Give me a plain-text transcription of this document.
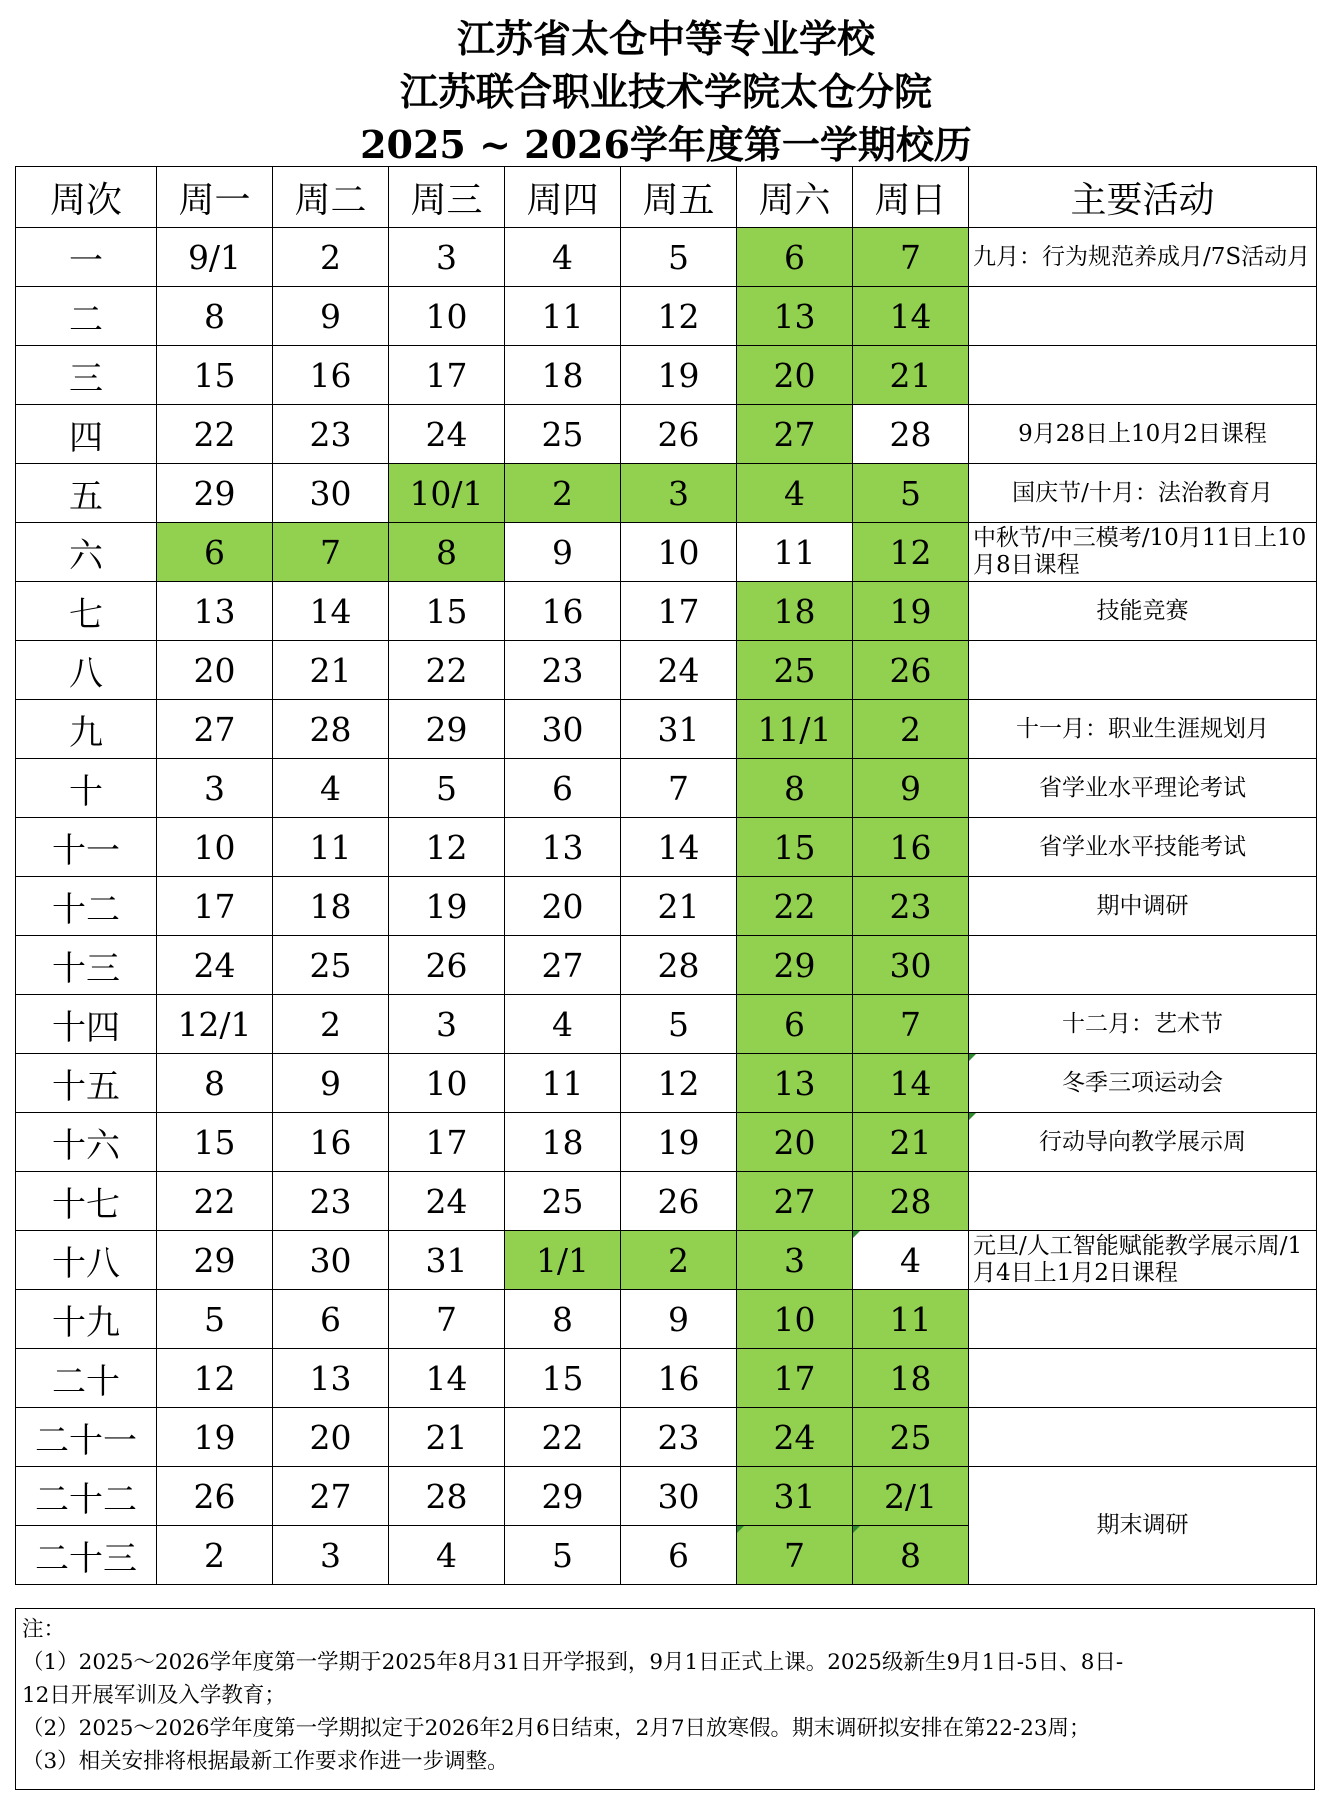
江苏省太仓中等专业学校
江苏联合职业技术学院太仓分院
2025 ~ 2026学年度第一学期校历
周次	周一	周二	周三	周四	周五	周六	周日	主要活动
一	9/1	2	3	4	5	6	7	九月：行为规范养成月/7S活动月
二	8	9	10	11	12	13	14	
三	15	16	17	18	19	20	21	
四	22	23	24	25	26	27	28	9月28日上10月2日课程
五	29	30	10/1	2	3	4	5	国庆节/十月：法治教育月
六	6	7	8	9	10	11	12	中秋节/中三模考/10月11日上10月8日课程
七	13	14	15	16	17	18	19	技能竞赛
八	20	21	22	23	24	25	26	
九	27	28	29	30	31	11/1	2	十一月：职业生涯规划月
十	3	4	5	6	7	8	9	省学业水平理论考试
十一	10	11	12	13	14	15	16	省学业水平技能考试
十二	17	18	19	20	21	22	23	期中调研
十三	24	25	26	27	28	29	30	
十四	12/1	2	3	4	5	6	7	十二月：艺术节
十五	8	9	10	11	12	13	14	冬季三项运动会
十六	15	16	17	18	19	20	21	行动导向教学展示周
十七	22	23	24	25	26	27	28	
十八	29	30	31	1/1	2	3	4	元旦/人工智能赋能教学展示周/1月4日上1月2日课程
十九	5	6	7	8	9	10	11	
二十	12	13	14	15	16	17	18	
二十一	19	20	21	22	23	24	25	
二十二	26	27	28	29	30	31	2/1	期末调研
二十三	2	3	4	5	6	7	8	
注：
（1）2025～2026学年度第一学期于2025年8月31日开学报到，9月1日正式上课。2025级新生9月1日-5日、8日-
12日开展军训及入学教育；
（2）2025～2026学年度第一学期拟定于2026年2月6日结束，2月7日放寒假。期末调研拟安排在第22-23周；
（3）相关安排将根据最新工作要求作进一步调整。
